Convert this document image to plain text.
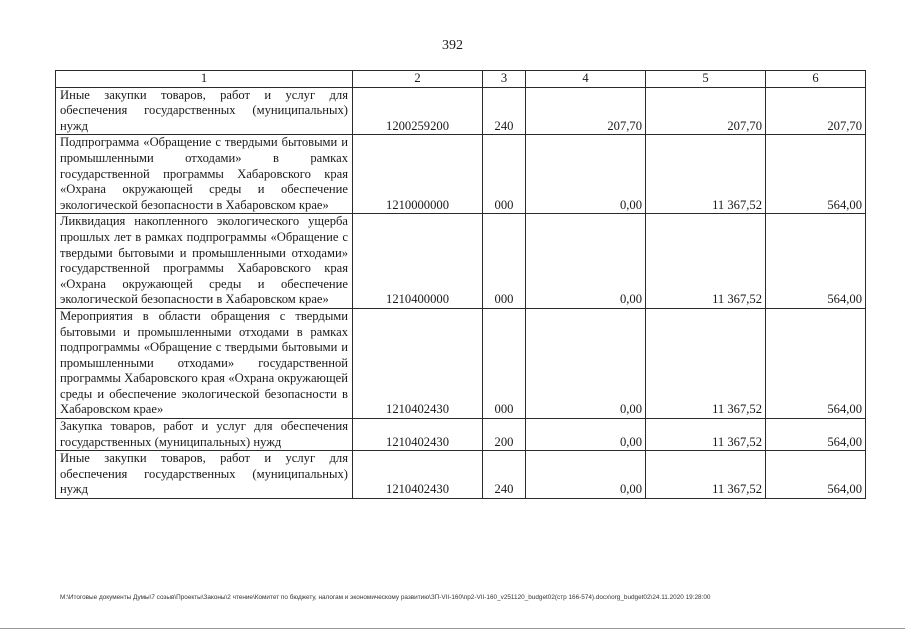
392
1	2	3	4	5	6
Иные закупки товаров, работ и услуг для обеспечения государственных (муниципальных) нужд	1200259200	240	207,70	207,70	207,70
Подпрограмма «Обращение с твердыми бытовыми и промышленными отходами» в рамках государственной программы Хабаровского края «Охрана окружающей среды и обеспечение экологической безопасности в Хабаровском крае»	1210000000	000	0,00	11 367,52	564,00
Ликвидация накопленного экологического ущерба прошлых лет в рамках подпрограммы «Обращение с твердыми бытовыми и промышленными отходами» государственной программы Хабаровского края «Охрана окружающей среды и обеспечение экологической безопасности в Хабаровском крае»	1210400000	000	0,00	11 367,52	564,00
Мероприятия в области обращения с твердыми бытовыми и промышленными отходами в рамках подпрограммы «Обращение с твердыми бытовыми и промышленными отходами» государственной программы Хабаровского края «Охрана окружающей среды и обеспечение экологической безопасности в Хабаровском крае»	1210402430	000	0,00	11 367,52	564,00
Закупка товаров, работ и услуг для обеспечения государственных (муниципальных) нужд	1210402430	200	0,00	11 367,52	564,00
Иные закупки товаров, работ и услуг для обеспечения государственных (муниципальных) нужд	1210402430	240	0,00	11 367,52	564,00
M:\Итоговые документы Думы\7 созыв\Проекты\Законы\2 чтение\Комитет по бюджету, налогам и экономическому развитию\ЗП-VII-160\пр2-VII-160_v251120_budget02(стр 166-574).docx\org_budget02\24.11.2020 19:28:00
